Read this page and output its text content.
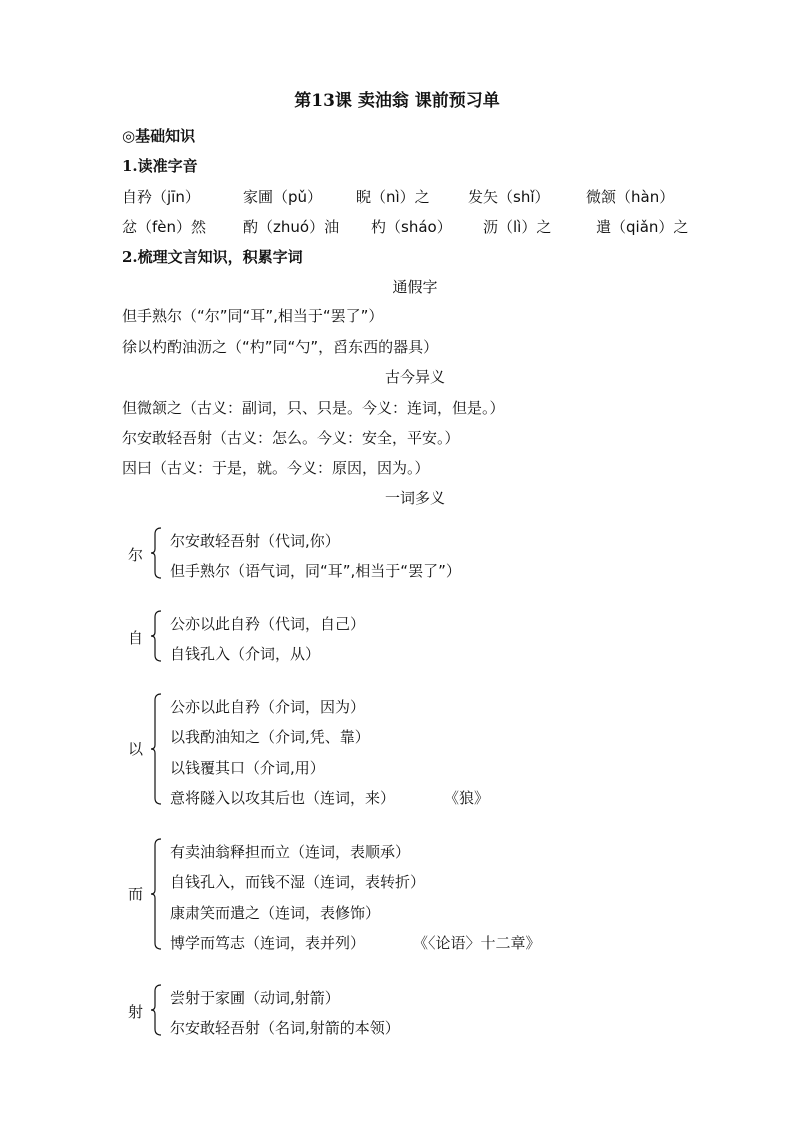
第13课 卖油翁 课前预习单
◎基础知识
1.读准字音
自矜（jīn）	家圃（pǔ） 睨（nì）之	发矢（shǐ） 微颔（hàn）
忿（fèn）然 酌（zhuó）油 杓（sháo） 沥（lì）之	遣（qiǎn）之
2.梳理文言知识，积累字词
通假字
但手熟尔（“尔”同“耳”,相当于“罢了”）
徐以杓酌油沥之（“杓”同“勺”，舀东西的器具）
古今异义
但微颔之（古义：副词，只、只是。今义：连词，但是。）
尔安敢轻吾射（古义：怎么。今义：安全，平安。）
因曰（古义：于是，就。今义：原因，因为。）
一词多义
尔
尔安敢轻吾射（代词,你）
但手熟尔（语气词，同“耳”,相当于“罢了”）
自
公亦以此自矜（代词，自己）
自钱孔入（介词，从）
以
公亦以此自矜（介词，因为）
以我酌油知之（介词,凭、靠）
以钱覆其口（介词,用）
意将隧入以攻其后也（连词，来）	《狼》
而
有卖油翁释担而立（连词，表顺承）
自钱孔入，而钱不湿（连词，表转折）
康肃笑而遣之（连词，表修饰）
博学而笃志（连词，表并列）	《〈论语〉十二章》
射
尝射于家圃（动词,射箭）
尔安敢轻吾射（名词,射箭的本领）
